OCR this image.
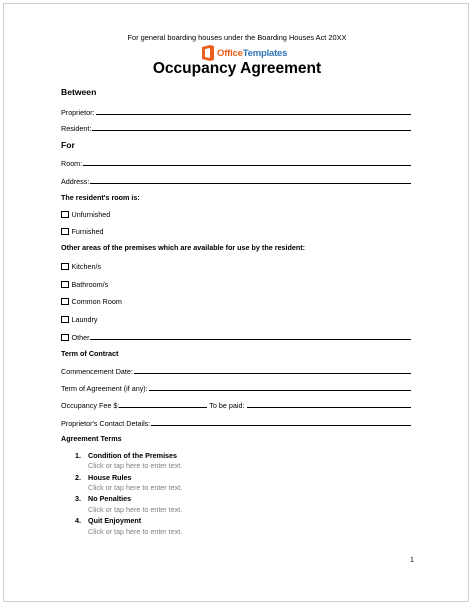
For general boarding houses under the Boarding Houses Act 20XX
OfficeTemplates
Occupancy Agreement
Between
Proprietor:
Resident:
For
Room:
Address:
The resident's room is:
Unfurnished
Furnished
Other areas of the premises which are available for use by the resident:
Kitchen/s
Bathroom/s
Common Room
Laundry
Other
Term of Contract
Commencement Date:
Term of Agreement (if any):
Occupancy Fee $:	To be paid:
Proprietor's Contact Details:
Agreement Terms
1. Condition of the Premises
Click or tap here to enter text.
2. House Rules
Click or tap here to enter text.
3. No Penalties
Click or tap here to enter text.
4. Quit Enjoyment
Click or tap here to enter text.
1
